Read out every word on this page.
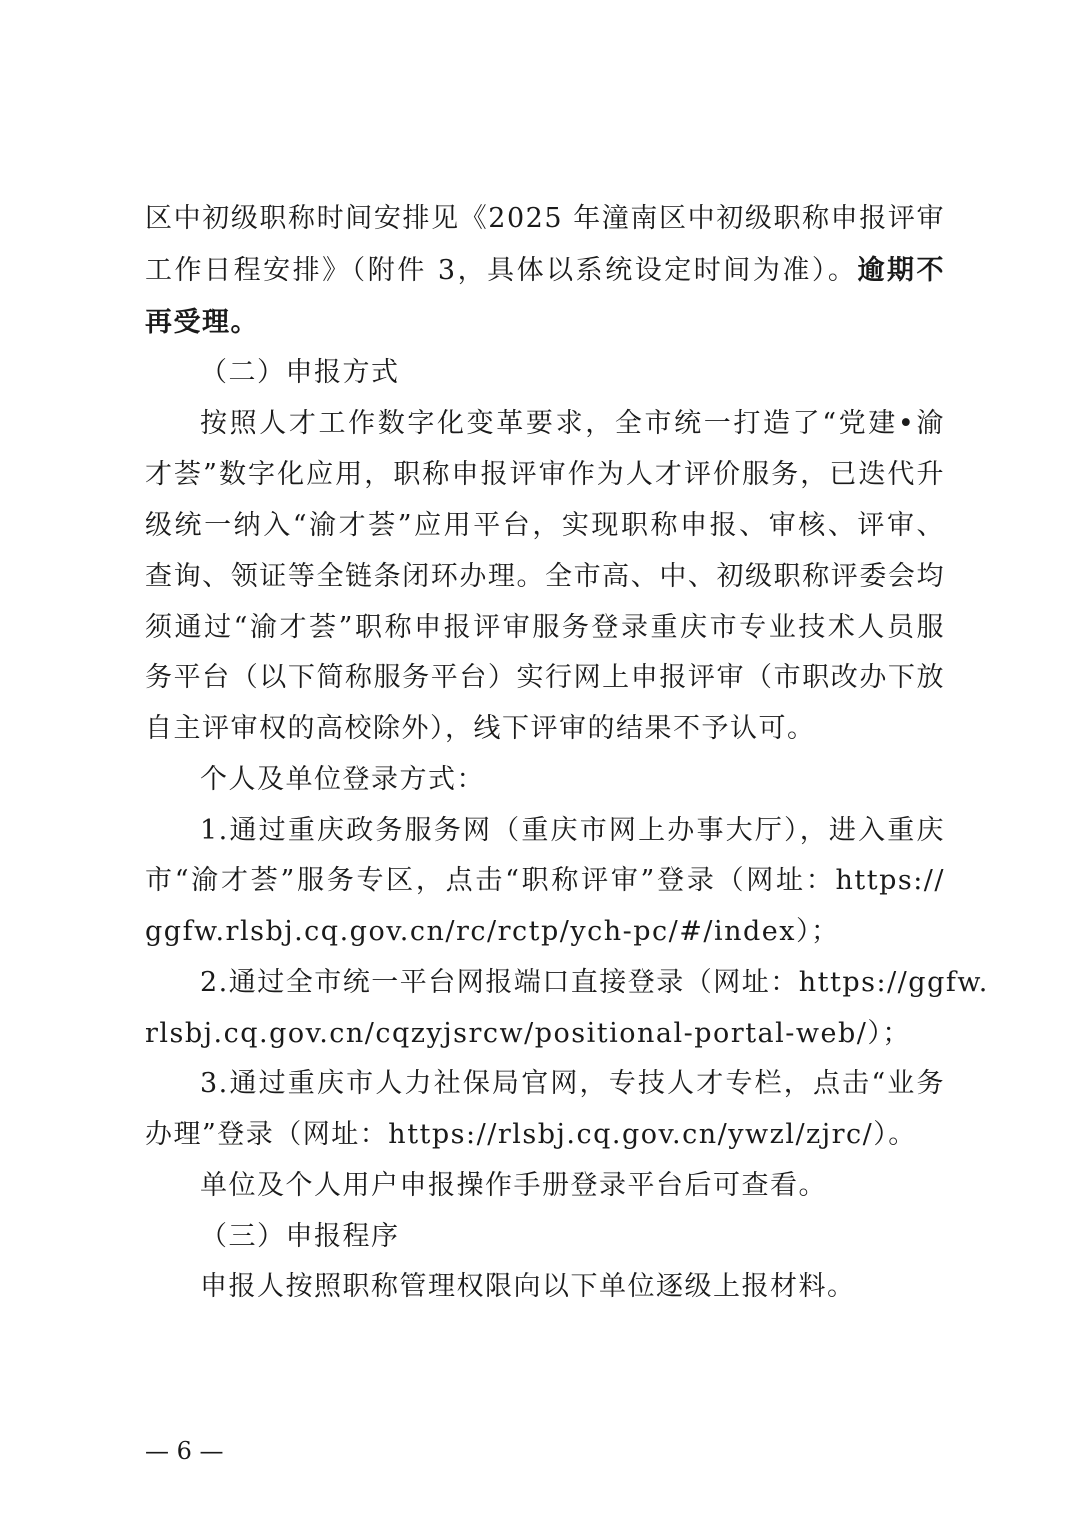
区中初级职称时间安排见《2025 年潼南区中初级职称申报评审
工作日程安排》（附件 3，具体以系统设定时间为准）。逾期不
再受理。
（二）申报方式
按照人才工作数字化变革要求，全市统一打造了“党建•渝
才荟”数字化应用，职称申报评审作为人才评价服务，已迭代升
级统一纳入“渝才荟”应用平台，实现职称申报、审核、评审、
查询、领证等全链条闭环办理。全市高、中、初级职称评委会均
须通过“渝才荟”职称申报评审服务登录重庆市专业技术人员服
务平台（以下简称服务平台）实行网上申报评审（市职改办下放
自主评审权的高校除外），线下评审的结果不予认可。
个人及单位登录方式：
1.通过重庆政务服务网（重庆市网上办事大厅），进入重庆
市“渝才荟”服务专区，点击“职称评审”登录（网址：https://
ggfw.rlsbj.cq.gov.cn/rc/rctp/ych-pc/#/index）；
2.通过全市统一平台网报端口直接登录（网址：https://ggfw.
rlsbj.cq.gov.cn/cqzyjsrcw/positional-portal-web/）；
3.通过重庆市人力社保局官网，专技人才专栏，点击“业务
办理”登录（网址：https://rlsbj.cq.gov.cn/ywzl/zjrc/）。
单位及个人用户申报操作手册登录平台后可查看。
（三）申报程序
申报人按照职称管理权限向以下单位逐级上报材料。
— 6 —
